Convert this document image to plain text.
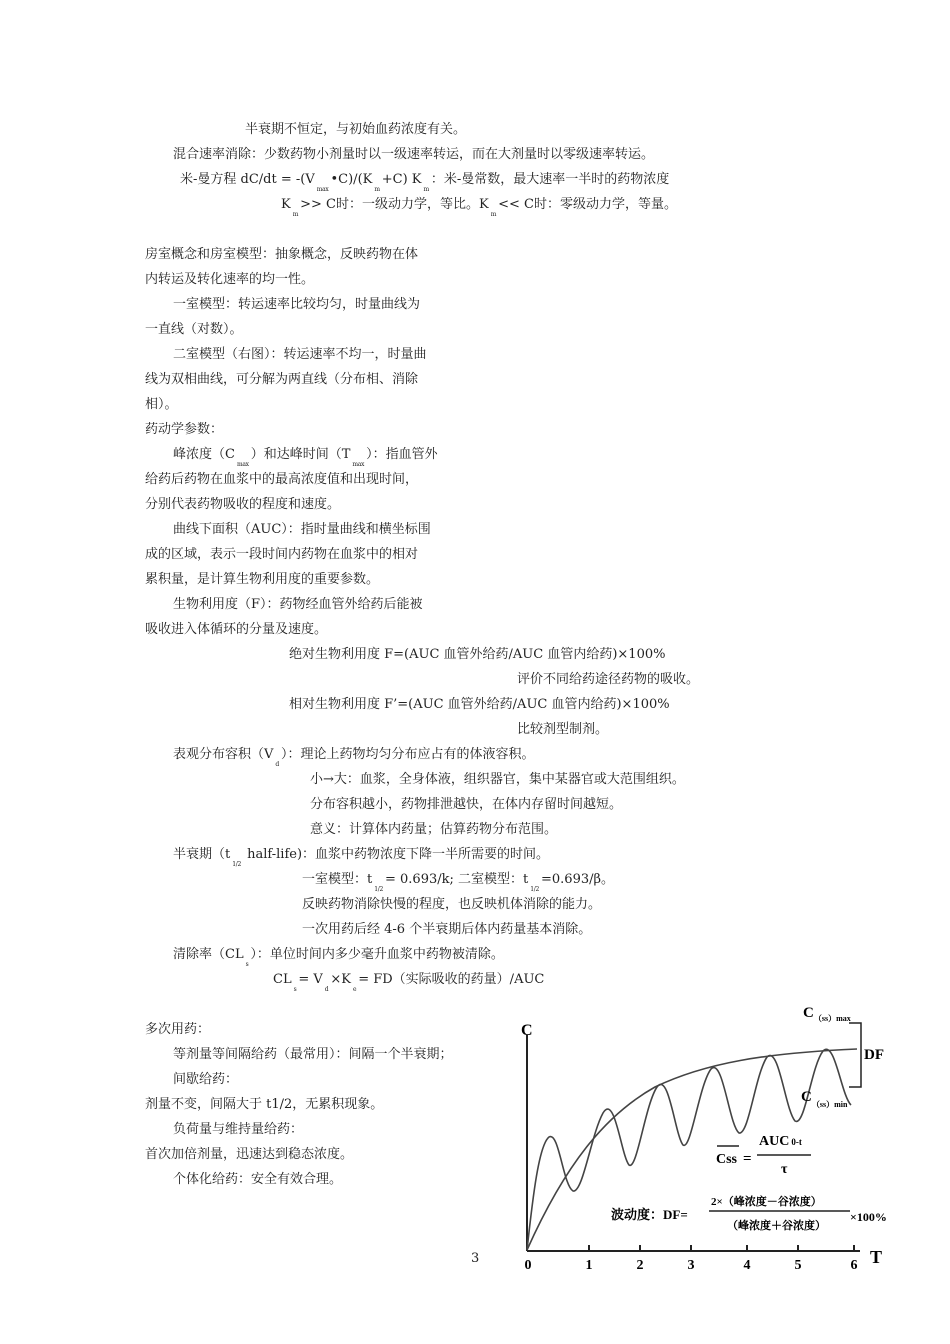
半衰期不恒定，与初始血药浓度有关。
混合速率消除：少数药物小剂量时以一级速率转运，而在大剂量时以零级速率转运。
米-曼方程 $dC/dt = -(V_{max}•C)/(K_m+C)$ $K_m$：米-曼常数，最大速率一半时的药物浓度
$K_m>> C$时：一级动力学，等比。$K_m<< C$时：零级动力学，等量。
房室概念和房室模型：抽象概念，反映药物在体
内转运及转化速率的均一性。
一室模型：转运速率比较均匀，时量曲线为
一直线（对数）。
二室模型（右图）：转运速率不均一，时量曲
线为双相曲线，可分解为两直线（分布相、消除
相）。
药动学参数：
峰浓度$(C_{max})$和达峰时间$(T_{max})$：指血管外
给药后药物在血浆中的最高浓度值和出现时间，
分别代表药物吸收的程度和速度。
曲线下面积（AUC）：指时量曲线和横坐标围
成的区域，表示一段时间内药物在血浆中的相对
累积量，是计算生物利用度的重要参数。
生物利用度（F）：药物经血管外给药后能被
吸收进入体循环的分量及速度。
绝对生物利用度 F=(AUC 血管外给药/AUC 血管内给药)×100%
评价不同给药途径药物的吸收。
相对生物利用度 F’=(AUC 血管外给药/AUC 血管内给药)×100%
比较剂型制剂。
表观分布容积$(V_d)$：理论上药物均匀分布应占有的体液容积。
小→大：血浆，全身体液，组织器官，集中某器官或大范围组织。
分布容积越小，药物排泄越快，在体内存留时间越短。
意义：计算体内药量；估算药物分布范围。
半衰期（$t_{1/2}$ half-life)：血浆中药物浓度下降一半所需要的时间。
一室模型：$t_{1/2}= 0.693/k$; 二室模型：$t_{1/2}=0.693/\beta$。
反映药物消除快慢的程度，也反映机体消除的能力。
一次用药后经 4-6 个半衰期后体内药量基本消除。
清除率$(CL_s)$：单位时间内多少毫升血浆中药物被清除。
$CL_s= V_d\times K_e= FD$（实际吸收的药量）/AUC
多次用药：
等剂量等间隔给药（最常用）：间隔一个半衰期；
间歇给药：
剂量不变，间隔大于 t1/2，无累积现象。
负荷量与维持量给药：
首次加倍剂量，迅速达到稳态浓度。
个体化给药：安全有效合理。
3
C
T
0	1	2	3	4	5	6
DF
$C_{(ss)max}$
$C_{(ss)min}$
Css =
AUC 0-t
τ
波动度：DF=
2×（峰浓度－谷浓度）
（峰浓度＋谷浓度）
×100%
